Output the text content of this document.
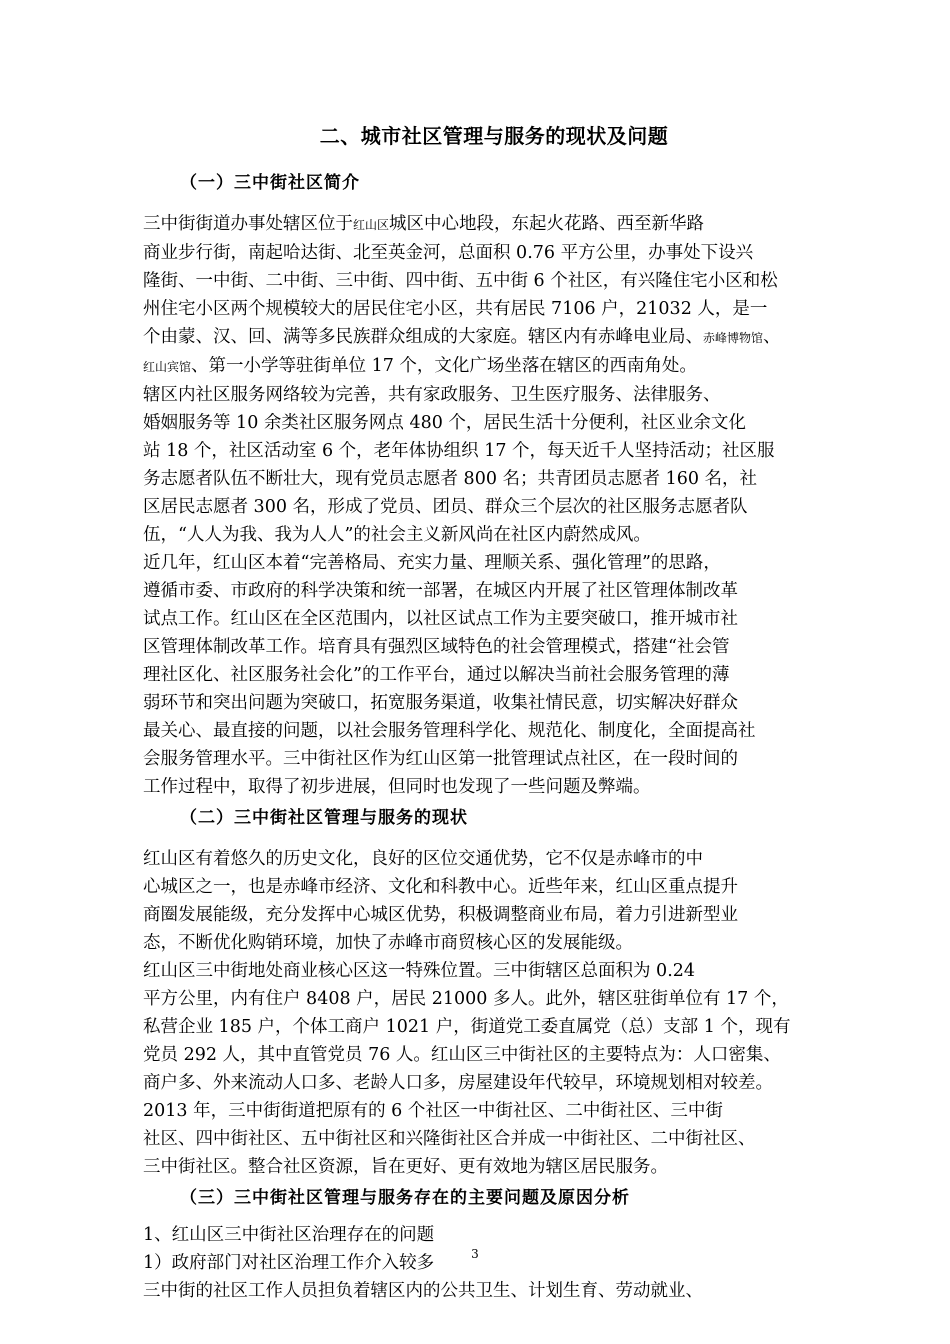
二、城市社区管理与服务的现状及问题
（一）三中街社区简介
三中街街道办事处辖区位于红山区城区中心地段，东起火花路、西至新华路
商业步行街，南起哈达街、北至英金河，总面积 0.76 平方公里，办事处下设兴
隆街、一中街、二中街、三中街、四中街、五中街 6 个社区，有兴隆住宅小区和松
州住宅小区两个规模较大的居民住宅小区，共有居民 7106 户，21032 人，是一
个由蒙、汉、回、满等多民族群众组成的大家庭。辖区内有赤峰电业局、赤峰博物馆、
红山宾馆、第一小学等驻街单位 17 个，文化广场坐落在辖区的西南角处。
辖区内社区服务网络较为完善，共有家政服务、卫生医疗服务、法律服务、
婚姻服务等 10 余类社区服务网点 480 个，居民生活十分便利，社区业余文化
站 18 个，社区活动室 6 个，老年体协组织 17 个，每天近千人坚持活动；社区服
务志愿者队伍不断壮大，现有党员志愿者 800 名；共青团员志愿者 160 名，社
区居民志愿者 300 名，形成了党员、团员、群众三个层次的社区服务志愿者队
伍，“人人为我、我为人人”的社会主义新风尚在社区内蔚然成风。
近几年，红山区本着“完善格局、充实力量、理顺关系、强化管理”的思路，
遵循市委、市政府的科学决策和统一部署，在城区内开展了社区管理体制改革
试点工作。红山区在全区范围内，以社区试点工作为主要突破口，推开城市社
区管理体制改革工作。培育具有强烈区域特色的社会管理模式，搭建“社会管
理社区化、社区服务社会化”的工作平台，通过以解决当前社会服务管理的薄
弱环节和突出问题为突破口，拓宽服务渠道，收集社情民意，切实解决好群众
最关心、最直接的问题，以社会服务管理科学化、规范化、制度化，全面提高社
会服务管理水平。三中街社区作为红山区第一批管理试点社区，在一段时间的
工作过程中，取得了初步进展，但同时也发现了一些问题及弊端。
（二）三中街社区管理与服务的现状
红山区有着悠久的历史文化，良好的区位交通优势，它不仅是赤峰市的中
心城区之一，也是赤峰市经济、文化和科教中心。近些年来，红山区重点提升
商圈发展能级，充分发挥中心城区优势，积极调整商业布局，着力引进新型业
态，不断优化购销环境，加快了赤峰市商贸核心区的发展能级。
红山区三中街地处商业核心区这一特殊位置。三中街辖区总面积为 0.24
平方公里，内有住户 8408 户，居民 21000 多人。此外，辖区驻街单位有 17 个，
私营企业 185 户，个体工商户 1021 户，街道党工委直属党（总）支部 1 个，现有
党员 292 人，其中直管党员 76 人。红山区三中街社区的主要特点为：人口密集、
商户多、外来流动人口多、老龄人口多，房屋建设年代较早，环境规划相对较差。
2013 年，三中街街道把原有的 6 个社区一中街社区、二中街社区、三中街
社区、四中街社区、五中街社区和兴隆街社区合并成一中街社区、二中街社区、
三中街社区。整合社区资源，旨在更好、更有效地为辖区居民服务。
（三）三中街社区管理与服务存在的主要问题及原因分析
1、红山区三中街社区治理存在的问题
1）政府部门对社区治理工作介入较多
三中街的社区工作人员担负着辖区内的公共卫生、计划生育、劳动就业、
3
